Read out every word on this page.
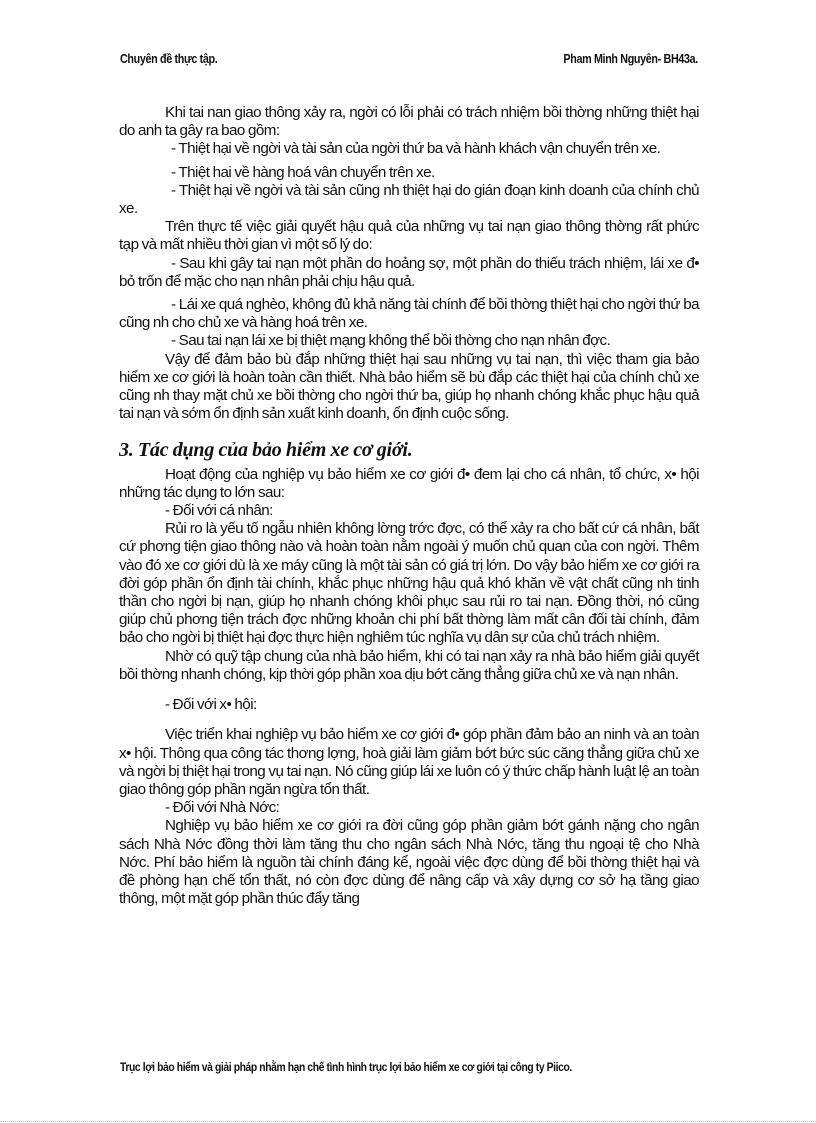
Chuyên đề thực tập.	Pham Minh Nguyên- BH43a.

Khi tai nan giao thông xảy ra, ngời có lỗi phải có trách nhiệm bồi thờng những thiệt hại do anh ta gây ra bao gồm:

- Thiệt hại về ngời và tài sản của ngời thứ ba và hành khách vận chuyển trên xe.

- Thiệt hai về hàng hoá vân chuyển trên xe.

- Thiệt hại về ngời và tài sản cũng nh thiệt hại do gián đoạn kinh doanh của chính chủ xe.

Trên thực tế việc giải quyết hậu quả của những vụ tai nạn giao thông thờng rất phức tạp và mất nhiều thời gian vì một số lý do:

- Sau khi gây tai nạn một phần do hoảng sợ, một phần do thiếu trách nhiệm, lái xe đ• bỏ trốn để mặc cho nạn nhân phải chịu hậu quả.

- Lái xe quá nghèo, không đủ khả năng tài chính để bồi thờng thiệt hại cho ngời thứ ba cũng nh cho chủ xe và hàng hoá trên xe.

- Sau tai nạn lái xe bị thiệt mạng không thể bồi thờng cho nạn nhân đợc.

Vậy để đảm bảo bù đắp những thiệt hại sau những vụ tai nạn, thì việc tham gia bảo hiểm xe cơ giới là hoàn toàn cần thiết. Nhà bảo hiểm sẽ bù đắp các thiệt hại của chính chủ xe cũng nh thay mặt chủ xe bồi thờng cho ngời thứ ba, giúp họ nhanh chóng khắc phục hậu quả tai nạn và sớm ổn định sản xuất kinh doanh, ổn định cuộc sống.

3. Tác dụng của bảo hiểm xe cơ giới.

Hoạt động của nghiệp vụ bảo hiểm xe cơ giới đ• đem lại cho cá nhân, tổ chức, x• hội những tác dụng to lớn sau:

- Đối với cá nhân:

Rủi ro là yếu tố ngẫu nhiên không lờng trớc đợc, có thể xảy ra cho bất cứ cá nhân, bất cứ phơng tiện giao thông nào và hoàn toàn nằm ngoài ý muốn chủ quan của con ngời. Thêm vào đó xe cơ giới dù là xe máy cũng là một tài sản có giá trị lớn. Do vậy bảo hiểm xe cơ giới ra đời góp phần ổn định tài chính, khắc phục những hậu quả khó khăn về vật chất cũng nh tinh thần cho ngời bị nạn, giúp họ nhanh chóng khôi phục sau rủi ro tai nạn. Đồng thời, nó cũng giúp chủ phơng tiện trách đợc những khoản chi phí bất thờng làm mất cân đối tài chính, đảm bảo cho ngời bị thiệt hại đợc thực hiện nghiêm túc nghĩa vụ dân sự của chủ trách nhiệm.

Nhờ có quỹ tập chung của nhà bảo hiểm, khi có tai nạn xảy ra nhà bảo hiểm giải quyết bồi thờng nhanh chóng, kịp thời góp phần xoa dịu bớt căng thẳng giữa chủ xe và nạn nhân.

- Đối với x• hội:

Việc triển khai nghiệp vụ bảo hiểm xe cơ giới đ• góp phần đảm bảo an ninh và an toàn x• hội. Thông qua công tác thơng lợng, hoà giải làm giảm bớt bức súc căng thẳng giữa chủ xe và ngời bị thiệt hại trong vụ tai nạn. Nó cũng giúp lái xe luôn có ý thức chấp hành luật lệ an toàn giao thông góp phần ngăn ngừa tổn thất.

- Đối với Nhà Nớc:

Nghiệp vụ bảo hiểm xe cơ giới ra đời cũng góp phần giảm bớt gánh nặng cho ngân sách Nhà Nớc đồng thời làm tăng thu cho ngân sách Nhà Nớc, tăng thu ngoại tệ cho Nhà Nớc. Phí bảo hiểm là nguồn tài chính đáng kể, ngoài việc đợc dùng để bồi thờng thiệt hại và đề phòng hạn chế tổn thất, nó còn đợc dùng để nâng cấp và xây dựng cơ sở hạ tầng giao thông, một mặt góp phần thúc đẩy tăng

Trục lợi bảo hiểm và giải pháp nhằm hạn chế tình hình trục lợi bảo hiểm xe cơ giới tại công ty Piico.
